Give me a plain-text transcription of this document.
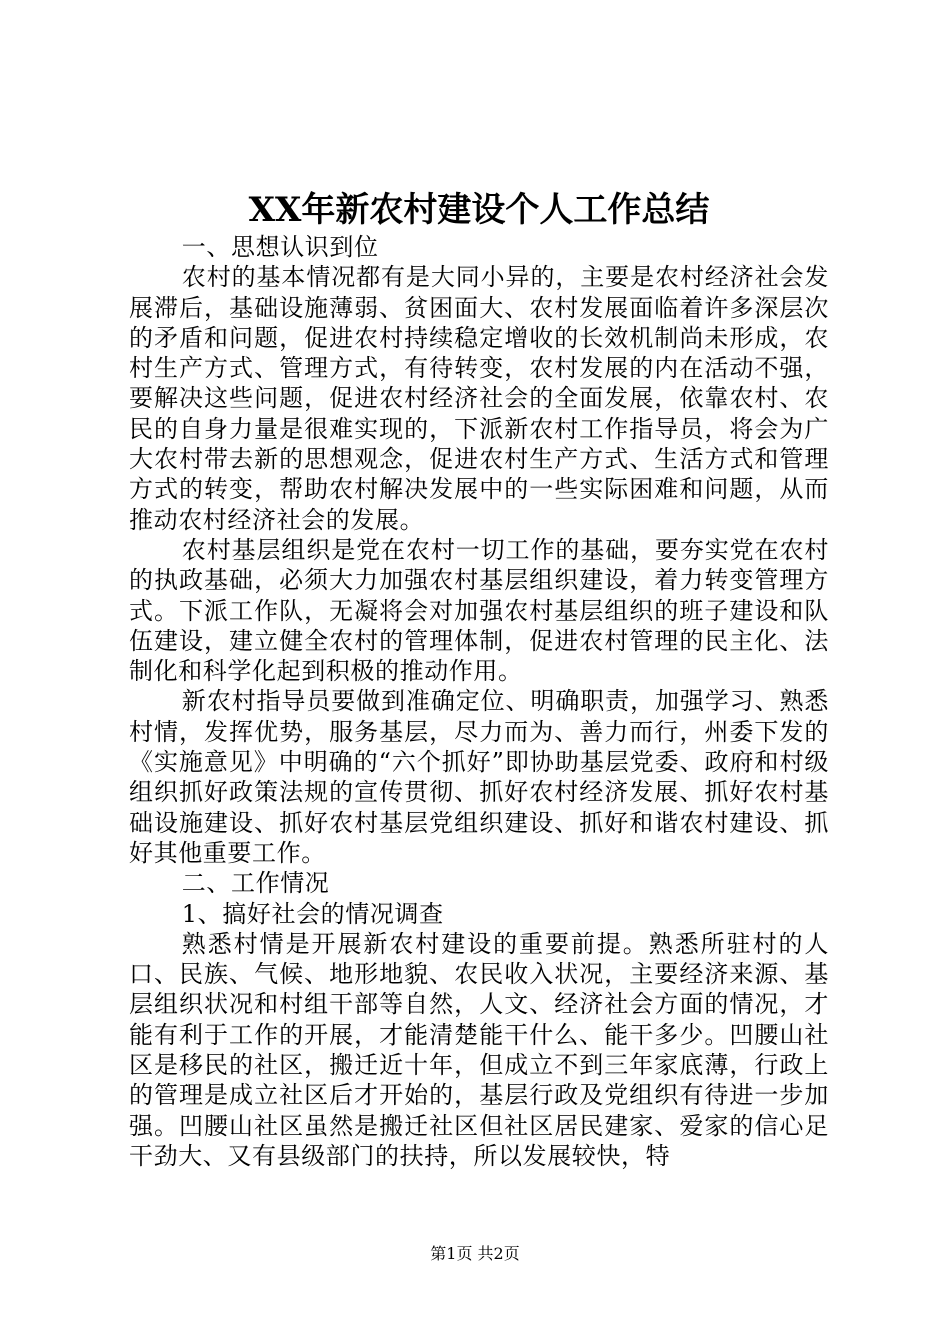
XX年新农村建设个人工作总结

一、思想认识到位

农村的基本情况都有是大同小异的，主要是农村经济社会发展滞后，基础设施薄弱、贫困面大、农村发展面临着许多深层次的矛盾和问题，促进农村持续稳定增收的长效机制尚未形成，农村生产方式、管理方式，有待转变，农村发展的内在活动不强，要解决这些问题，促进农村经济社会的全面发展，依靠农村、农民的自身力量是很难实现的，下派新农村工作指导员，将会为广大农村带去新的思想观念，促进农村生产方式、生活方式和管理方式的转变，帮助农村解决发展中的一些实际困难和问题，从而推动农村经济社会的发展。

农村基层组织是党在农村一切工作的基础，要夯实党在农村的执政基础，必须大力加强农村基层组织建设，着力转变管理方式。下派工作队，无凝将会对加强农村基层组织的班子建设和队伍建设，建立健全农村的管理体制，促进农村管理的民主化、法制化和科学化起到积极的推动作用。

新农村指导员要做到准确定位、明确职责，加强学习、熟悉村情，发挥优势，服务基层，尽力而为、善力而行，州委下发的《实施意见》中明确的“六个抓好”即协助基层党委、政府和村级组织抓好政策法规的宣传贯彻、抓好农村经济发展、抓好农村基础设施建设、抓好农村基层党组织建设、抓好和谐农村建设、抓好其他重要工作。

二、工作情况

1、搞好社会的情况调查

熟悉村情是开展新农村建设的重要前提。熟悉所驻村的人口、民族、气候、地形地貌、农民收入状况，主要经济来源、基层组织状况和村组干部等自然，人文、经济社会方面的情况，才能有利于工作的开展，才能清楚能干什么、能干多少。凹腰山社区是移民的社区，搬迁近十年，但成立不到三年家底薄，行政上的管理是成立社区后才开始的，基层行政及党组织有待进一步加强。凹腰山社区虽然是搬迁社区但社区居民建家、爱家的信心足干劲大、又有县级部门的扶持，所以发展较快，特

第1页 共2页
